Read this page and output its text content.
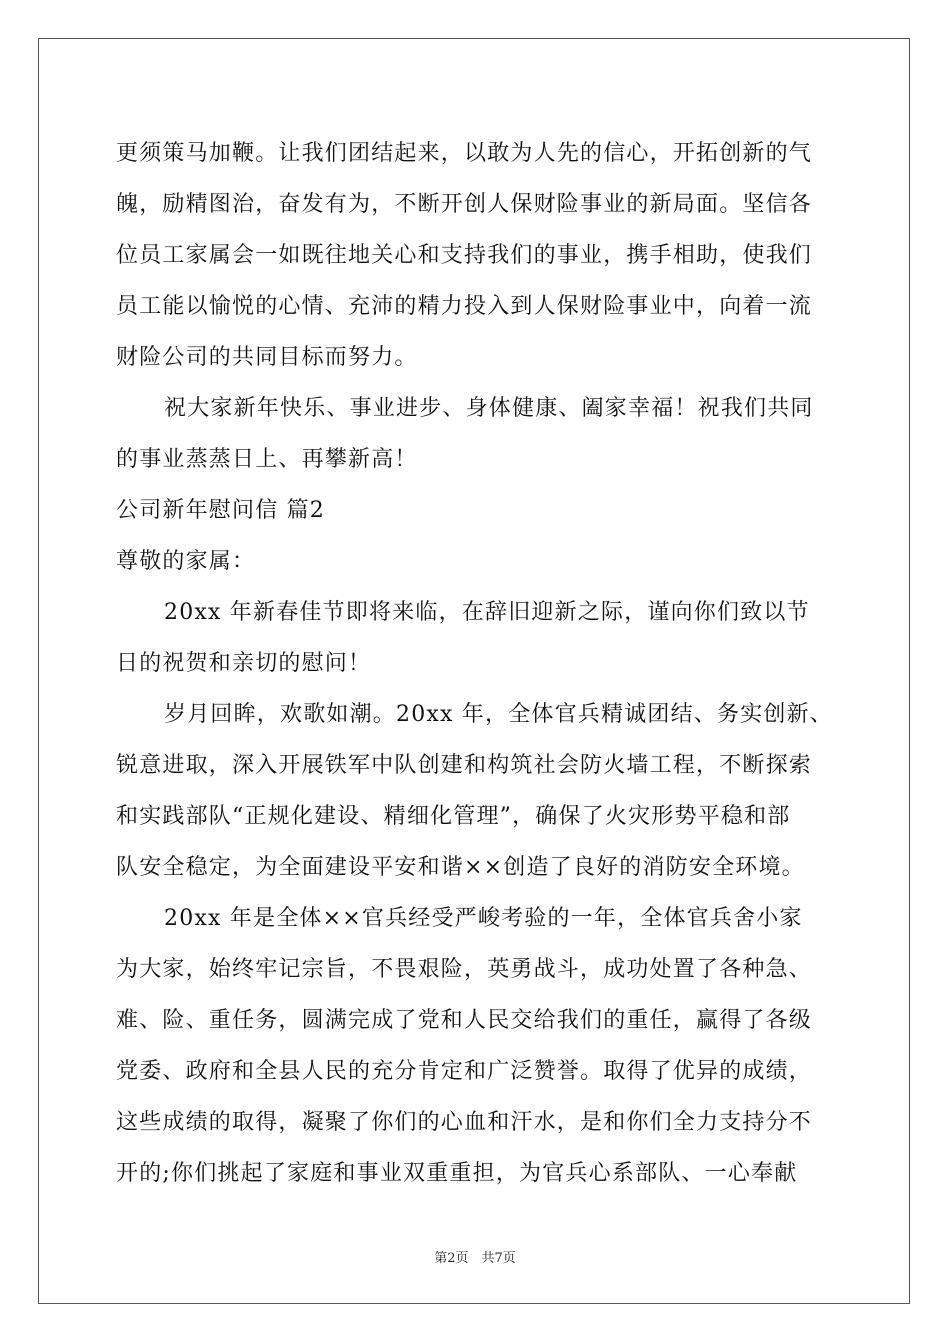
更须策马加鞭。让我们团结起来，以敢为人先的信心，开拓创新的气
魄，励精图治，奋发有为，不断开创人保财险事业的新局面。坚信各
位员工家属会一如既往地关心和支持我们的事业，携手相助，使我们
员工能以愉悦的心情、充沛的精力投入到人保财险事业中，向着一流
财险公司的共同目标而努力。
祝大家新年快乐、事业进步、身体健康、阖家幸福！祝我们共同
的事业蒸蒸日上、再攀新高！
公司新年慰问信 篇2
尊敬的家属：
20xx 年新春佳节即将来临，在辞旧迎新之际，谨向你们致以节
日的祝贺和亲切的慰问！
岁月回眸，欢歌如潮。20xx 年，全体官兵精诚团结、务实创新、
锐意进取，深入开展铁军中队创建和构筑社会防火墙工程，不断探索
和实践部队“正规化建设、精细化管理”，确保了火灾形势平稳和部
队安全稳定，为全面建设平安和谐××创造了良好的消防安全环境。
20xx 年是全体××官兵经受严峻考验的一年，全体官兵舍小家
为大家，始终牢记宗旨，不畏艰险，英勇战斗，成功处置了各种急、
难、险、重任务，圆满完成了党和人民交给我们的重任，赢得了各级
党委、政府和全县人民的充分肯定和广泛赞誉。取得了优异的成绩，
这些成绩的取得，凝聚了你们的心血和汗水，是和你们全力支持分不
开的;你们挑起了家庭和事业双重重担，为官兵心系部队、一心奉献
第2页　共7页
